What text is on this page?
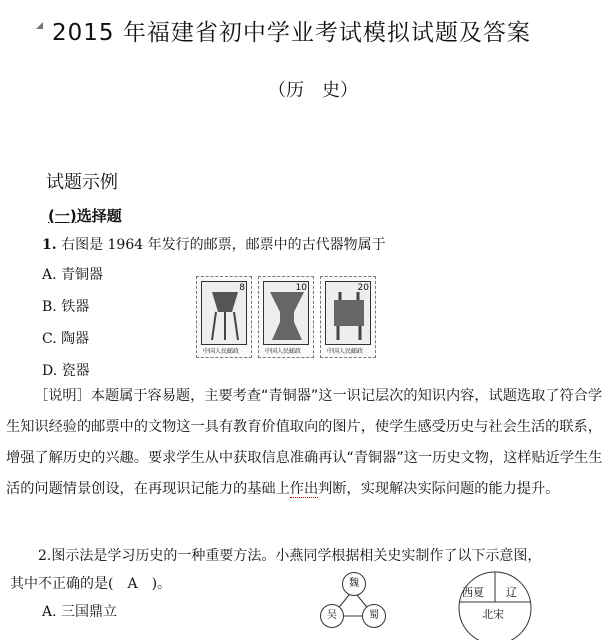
2015 年福建省初中学业考试模拟试题及答案
（历　史）
试题示例
(一)选择题
1. 右图是 1964 年发行的邮票，邮票中的古代器物属于
A. 青铜器
B. 铁器
C. 陶器
D. 瓷器
8
中国人民邮政
10
中国人民邮政
20
中国人民邮政
［说明］本题属于容易题，主要考查“青铜器”这一识记层次的知识内容，试题选取了符合学生知识经验的邮票中的文物这一具有教育价值取向的图片，使学生感受历史与社会生活的联系，增强了解历史的兴趣。要求学生从中获取信息准确再认“青铜器”这一历史文物，这样贴近学生生活的问题情景创设，在再现识记能力的基础上作出判断，实现解决实际问题的能力提升。
2.图示法是学习历史的一种重要方法。小燕同学根据相关史实制作了以下示意图，
其中不正确的是(　A　)。
A. 三国鼎立
魏
蜀
吴
西夏 辽
北宋
